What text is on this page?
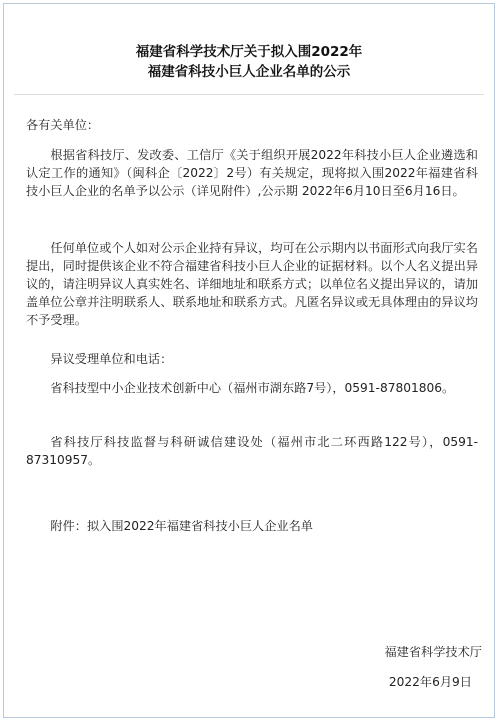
福建省科学技术厅关于拟入围2022年
福建省科技小巨人企业名单的公示
各有关单位：

根据省科技厅、发改委、工信厅《关于组织开展2022年科技小巨人企业遴选和认定工作的通知》（闽科企〔2022〕2号）有关规定，现将拟入围2022年福建省科技小巨人企业的名单予以公示（详见附件）,公示期 2022年6月10日至6月16日。

任何单位或个人如对公示企业持有异议，均可在公示期内以书面形式向我厅实名提出，同时提供该企业不符合福建省科技小巨人企业的证据材料。以个人名义提出异议的，请注明异议人真实姓名、详细地址和联系方式；以单位名义提出异议的，请加盖单位公章并注明联系人、联系地址和联系方式。凡匿名异议或无具体理由的异议均不予受理。

异议受理单位和电话：

省科技型中小企业技术创新中心（福州市湖东路7号），0591-87801806。

省科技厅科技监督与科研诚信建设处（福州市北二环西路122号），0591-87310957。

附件：拟入围2022年福建省科技小巨人企业名单

福建省科学技术厅
2022年6月9日
